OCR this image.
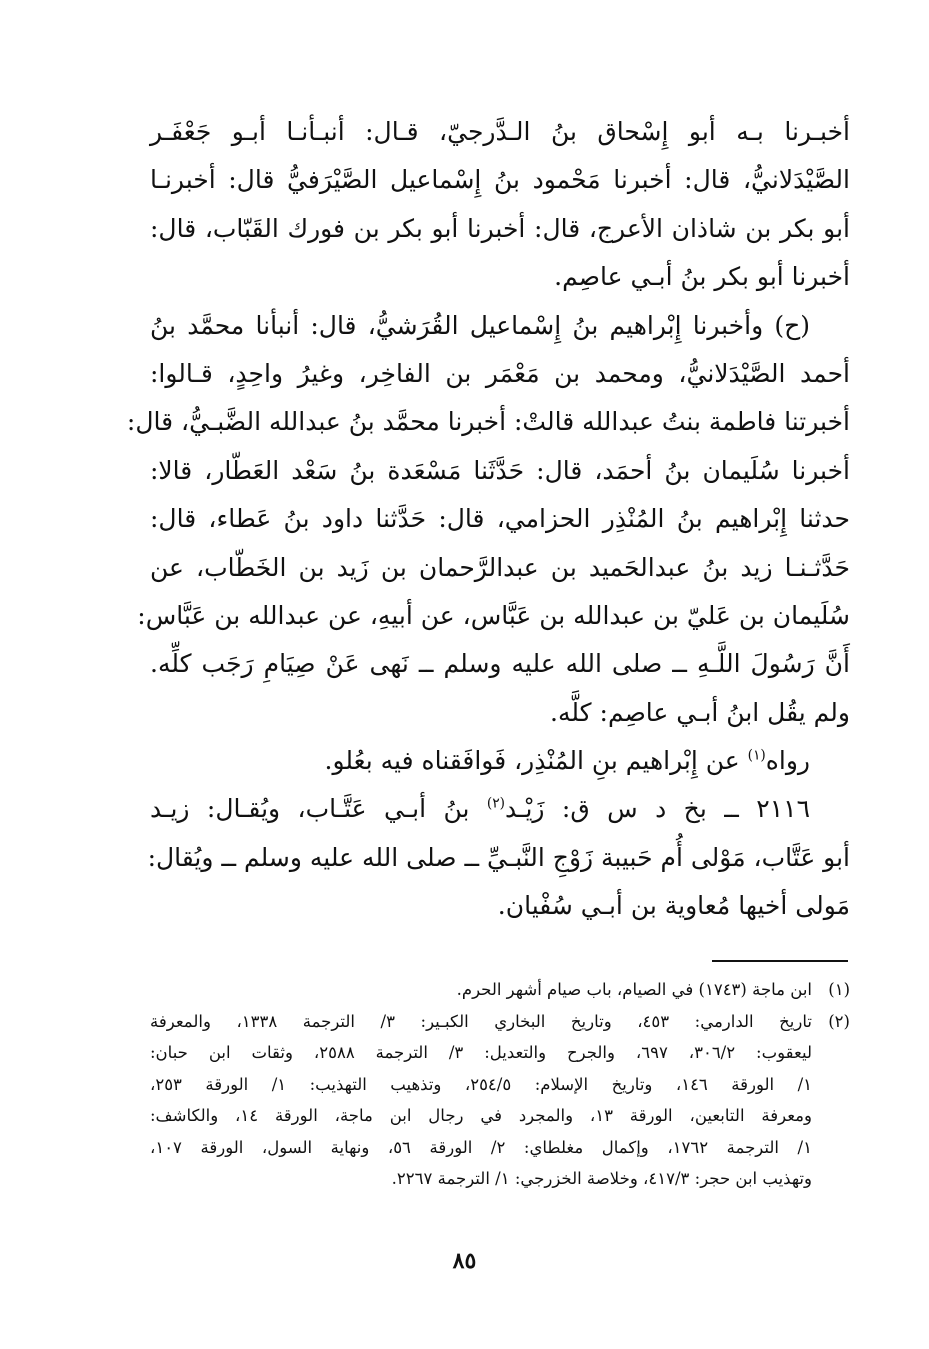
أخبـرنا بـه أبو إِسْحاق بنُ الـدَّرجيّ، قـال: أنبـأنـا أبـو جَعْفَـر
الصَّيْدَلانيُّ، قال: أخبرنا مَحْمود بنُ إِسْماعيل الصَّيْرَفيُّ قال: أخبرنـا
أبو بكر بن شاذان الأعرج، قال: أخبرنا أبو بكر بن فورك القَبّاب، قال:
أخبرنا أبو بكر بنُ أبـي عاصِم.
(ح) وأخبرنا إِبْراهيم بنُ إِسْماعيل القُرَشيُّ، قال: أنبأنا محمَّد بنُ
أحمد الصَّيْدَلانيُّ، ومحمد بن مَعْمَر بن الفاخِر، وغيرُ واحِدٍ، قـالوا:
أخبرتنا فاطمة بنتُ عبدالله قالتْ: أخبرنا محمَّد بنُ عبدالله الضَّبـيُّ، قال:
أخبرنا سُلَيمان بنُ أحمَد، قال: حَدَّثَنا مَسْعَدة بنُ سَعْد العَطّار، قالا:
حدثنا إِبْراهيم بنُ المُنْذِر الحزامي، قال: حَدَّثنا داود بنُ عَطاء، قال:
حَدَّثـنـا زيد بنُ عبدالحَميد بن عبدالرَّحمان بن زَيد بن الخَطّاب، عن
سُلَيمان بن عَليّ بن عبدالله بن عَبَّاس، عن أبيهِ، عن عبدالله بن عَبَّاس:
أَنَّ رَسُولَ اللَّـهِ ــ صلى الله عليه وسلم ــ نَهى عَنْ صِيَامِ رَجَب كلِّه.
ولم يقُل ابنُ أبـي عاصِم: كلَّه.
رواه$^{(١)}$ عن إِبْراهيم بنِ المُنْذِر، فَوافَقناه فيه بعُلو.
٢١١٦ ــ بخ د س ق: زَيْـد$^{(٢)}$ بنُ أبـي عَتَّـاب، ويُقـال: زيـد
أبو عَتَّاب، مَوْلى أُم حَبيبة زَوْجِ النَّبـيِّ ــ صلى الله عليه وسلم ــ ويُقال:
مَولى أخيها مُعاوية بن أبـي سُفْيان.
(١)ابن ماجة (١٧٤٣) في الصيام، باب صيام أشهر الحرم.
(٢)تاريخ الدارمي: ٤٥٣، وتاريخ البخاري الكبـير: ٣/ الترجمة ١٣٣٨، والمعرفة
ليعقوب: ٣٠٦/٢، ٦٩٧، والجرح والتعديل: ٣/ الترجمة ٢٥٨٨، وثقات ابن حبان:
١/ الورقة ١٤٦، وتاريخ الإسلام: ٢٥٤/٥، وتذهيب التهذيب: ١/ الورقة ٢٥٣،
ومعرفة التابعين، الورقة ١٣، والمجرد في رجال ابن ماجة، الورقة ١٤، والكاشف:
١/ الترجمة ١٧٦٢، وإكمال مغلطاي: ٢/ الورقة ٥٦، ونهاية السول، الورقة ١٠٧،
وتهذيب ابن حجر: ٤١٧/٣، وخلاصة الخزرجي: ١/ الترجمة ٢٢٦٧.
٨٥
